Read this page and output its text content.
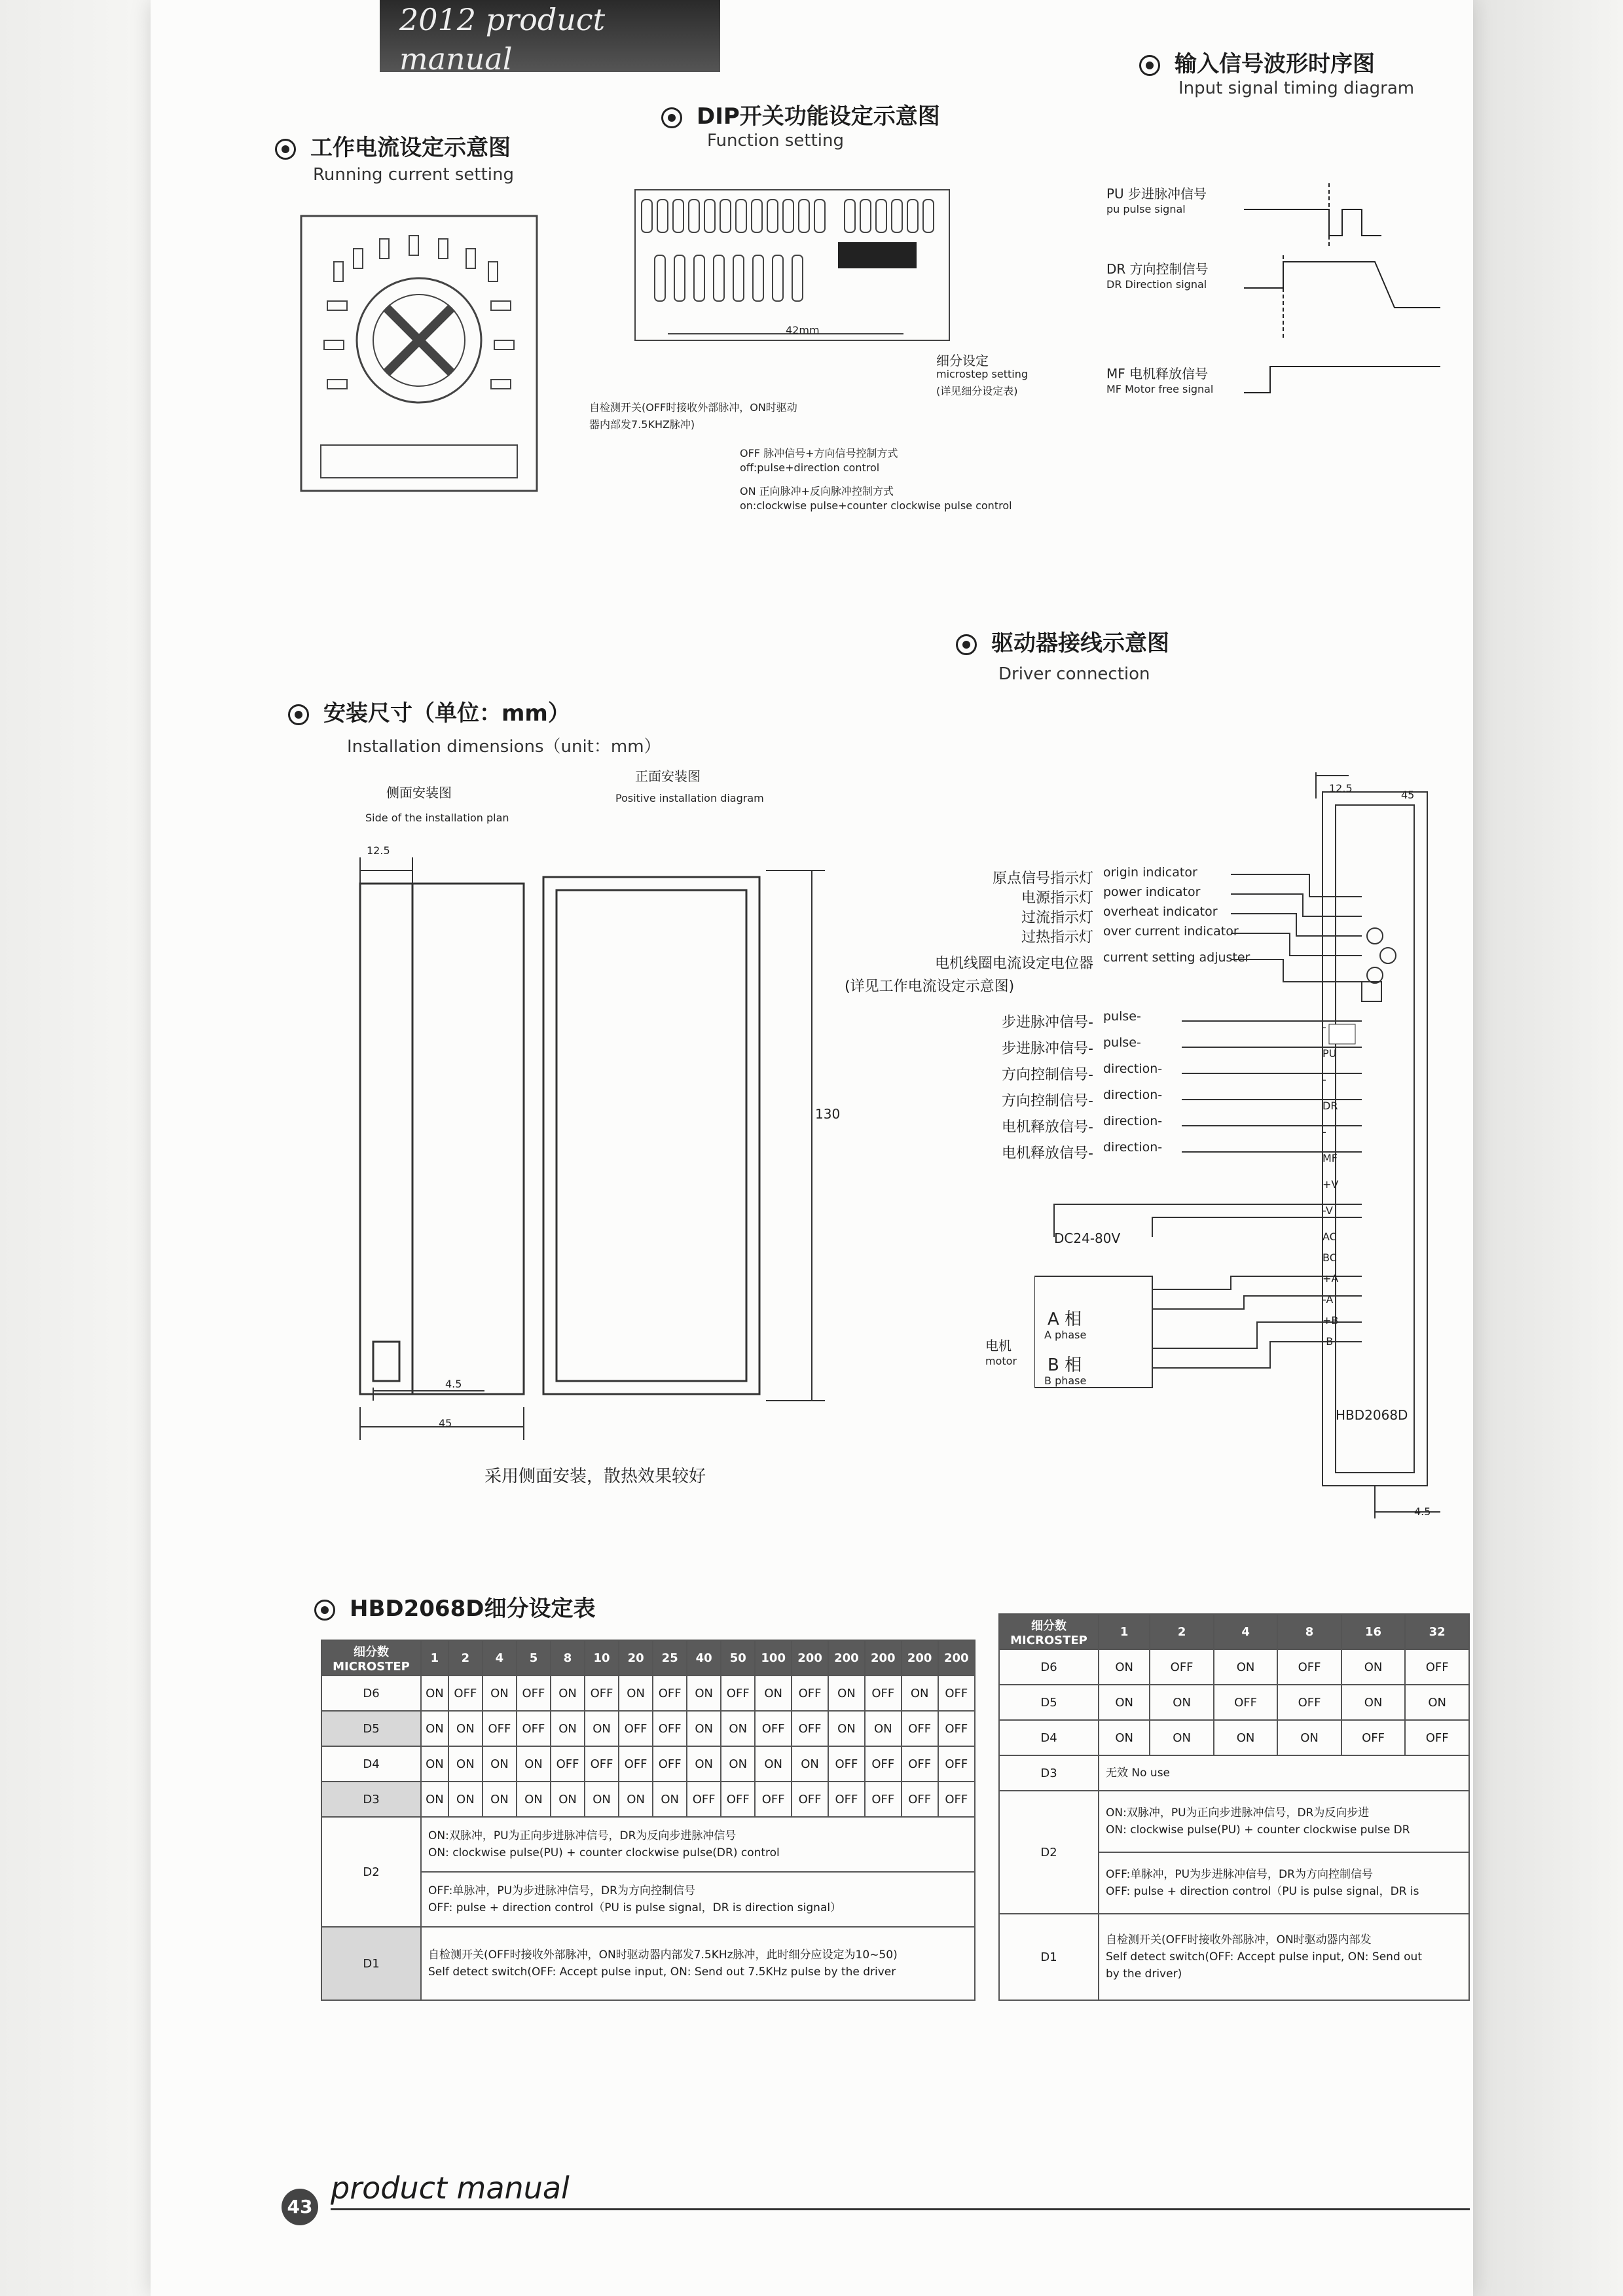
2012 product manual
工作电流设定示意图
Running current setting
DIP开关功能设定示意图
Function setting
42mm
细分设定
microstep setting
(详见细分设定表)
自检测开关(OFF时接收外部脉冲，ON时驱动器内部发7.5KHZ脉冲)
OFF 脉冲信号+方向信号控制方式
off:pulse+direction control
ON 正向脉冲+反向脉冲控制方式
on:clockwise pulse+counter clockwise pulse control
输入信号波形时序图
Input signal timing diagram
PU 步进脉冲信号
pu pulse signal
DR 方向控制信号
DR Direction signal
MF 电机释放信号
MF Motor free signal
安装尺寸（单位：mm）
Installation dimensions（unit：mm）
侧面安装图
Side of the installation plan
正面安装图
Positive installation diagram
12.5
4.5
45
130
采用侧面安装，散热效果较好
驱动器接线示意图
Driver connection
原点信号指示灯 origin indicator
电源指示灯 power indicator
过流指示灯 overheat indicator
过热指示灯 over current indicator
电机线圈电流设定电位器 current setting adjuster
(详见工作电流设定示意图)
步进脉冲信号- pulse-
步进脉冲信号- pulse-
方向控制信号- direction-
方向控制信号- direction-
电机释放信号- direction-
电机释放信号- direction-
DC24-80V
12.5
45
4.5
HBD2068D
-
PU
-
DR
-
MF
+V
-V
AC
BC
+A
-A
+B
-B
电机
motor
A 相
A phase
B 相
B phase
HBD2068D细分设定表
细分数 MICROSTEP	1	2	4	5	8	10	20	25	40	50	100	200	200	200	200	200
D6	ON	OFF	ON	OFF	ON	OFF	ON	OFF	ON	OFF	ON	OFF	ON	OFF	ON	OFF
D5	ON	ON	OFF	OFF	ON	ON	OFF	OFF	ON	ON	OFF	OFF	ON	ON	OFF	OFF
D4	ON	ON	ON	ON	OFF	OFF	OFF	OFF	ON	ON	ON	ON	OFF	OFF	OFF	OFF
D3	ON	ON	ON	ON	ON	ON	ON	ON	OFF	OFF	OFF	OFF	OFF	OFF	OFF	OFF
D2	ON:双脉冲，PU为正向步进脉冲信号，DR为反向步进脉冲信号
ON: clockwise pulse(PU) + counter clockwise pulse(DR) control															

	OFF:单脉冲，PU为步进脉冲信号，DR为方向控制信号
OFF: pulse + direction control（PU is pulse signal，DR is direction signal）															

D1	自检测开关(OFF时接收外部脉冲，ON时驱动器内部发7.5KHz脉冲，此时细分应设定为10~50)
Self detect switch(OFF: Accept pulse input, ON: Send out 7.5KHz pulse by the driver															
细分数 MICROSTEP	1	2	4	8	16	32
D6	ON	OFF	ON	OFF	ON	OFF
D5	ON	ON	OFF	OFF	ON	ON
D4	ON	ON	ON	ON	OFF	OFF
D3	无效 No use					
D2	ON:双脉冲，PU为正向步进脉冲信号，DR为反向步进
ON: clockwise pulse(PU) + counter clockwise pulse DR					

	OFF:单脉冲，PU为步进脉冲信号，DR为方向控制信号
OFF: pulse + direction control（PU is pulse signal，DR is					

D1	自检测开关(OFF时接收外部脉冲，ON时驱动器内部发
Self detect switch(OFF: Accept pulse input, ON: Send out
by the driver)					
43
product manual
